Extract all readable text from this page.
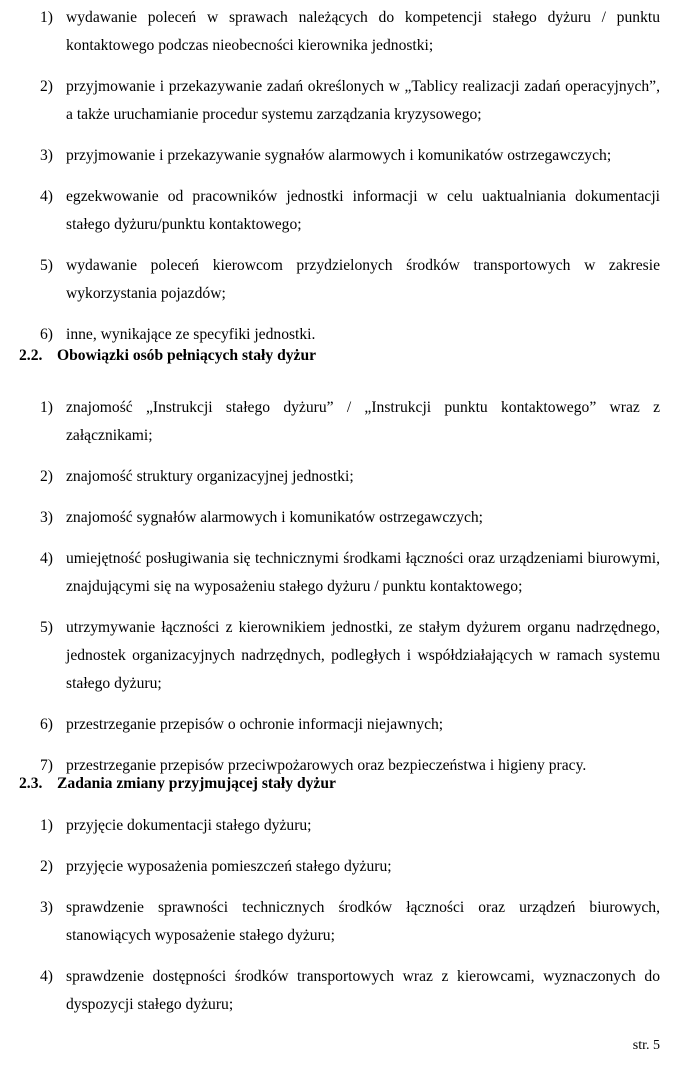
1) wydawanie poleceń w sprawach należących do kompetencji stałego dyżuru / punktu kontaktowego podczas nieobecności kierownika jednostki;
2) przyjmowanie i przekazywanie zadań określonych w „Tablicy realizacji zadań operacyjnych”, a także uruchamianie procedur systemu zarządzania kryzysowego;
3) przyjmowanie i przekazywanie sygnałów alarmowych i komunikatów ostrzegawczych;
4) egzekwowanie od pracowników jednostki informacji w celu uaktualniania dokumentacji stałego dyżuru/punktu kontaktowego;
5) wydawanie poleceń kierowcom przydzielonych środków transportowych w zakresie wykorzystania pojazdów;
6) inne, wynikające ze specyfiki jednostki.
2.2. Obowiązki osób pełniących stały dyżur
1) znajomość „Instrukcji stałego dyżuru” / „Instrukcji punktu kontaktowego” wraz z załącznikami;
2) znajomość struktury organizacyjnej jednostki;
3) znajomość sygnałów alarmowych i komunikatów ostrzegawczych;
4) umiejętność posługiwania się technicznymi środkami łączności oraz urządzeniami biurowymi, znajdującymi się na wyposażeniu stałego dyżuru / punktu kontaktowego;
5) utrzymywanie łączności z kierownikiem jednostki, ze stałym dyżurem organu nadrzędnego, jednostek organizacyjnych nadrzędnych, podległych i współdziałających w ramach systemu stałego dyżuru;
6) przestrzeganie przepisów o ochronie informacji niejawnych;
7) przestrzeganie przepisów przeciwpożarowych oraz bezpieczeństwa i higieny pracy.
2.3. Zadania zmiany przyjmującej stały dyżur
1) przyjęcie dokumentacji stałego dyżuru;
2) przyjęcie wyposażenia pomieszczeń stałego dyżuru;
3) sprawdzenie sprawności technicznych środków łączności oraz urządzeń biurowych, stanowiących wyposażenie stałego dyżuru;
4) sprawdzenie dostępności środków transportowych wraz z kierowcami, wyznaczonych do dyspozycji stałego dyżuru;
str. 5
